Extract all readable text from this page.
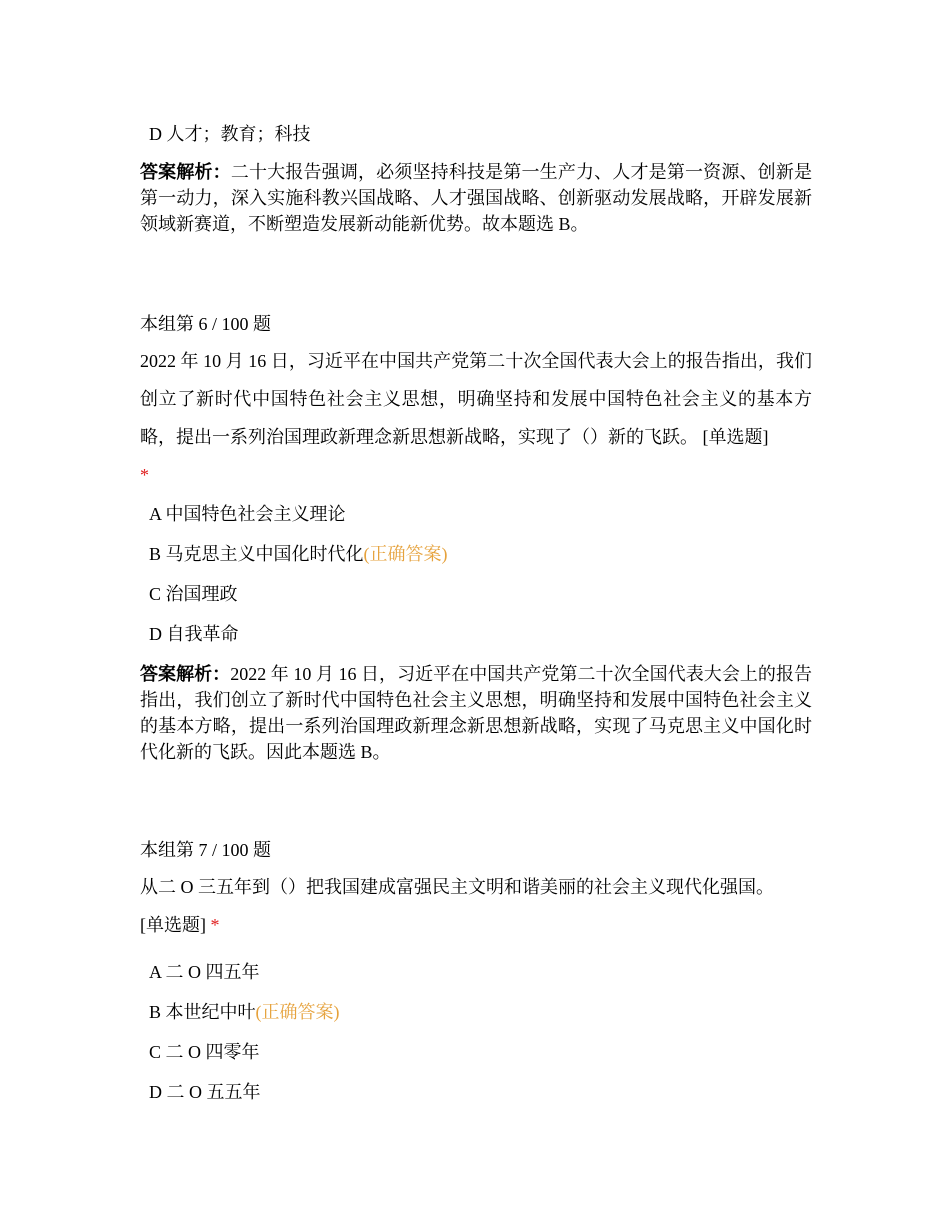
D 人才；教育；科技
答案解析：二十大报告强调，必须坚持科技是第一生产力、人才是第一资源、创新是第一动力，深入实施科教兴国战略、人才强国战略、创新驱动发展战略，开辟发展新领域新赛道，不断塑造发展新动能新优势。故本题选 B。
本组第 6 / 100 题
2022 年 10 月 16 日，习近平在中国共产党第二十次全国代表大会上的报告指出，我们创立了新时代中国特色社会主义思想，明确坚持和发展中国特色社会主义的基本方略，提出一系列治国理政新理念新思想新战略，实现了（）新的飞跃。 [单选题]
*
A 中国特色社会主义理论
B 马克思主义中国化时代化(正确答案)
C 治国理政
D 自我革命
答案解析：2022 年 10 月 16 日，习近平在中国共产党第二十次全国代表大会上的报告指出，我们创立了新时代中国特色社会主义思想，明确坚持和发展中国特色社会主义的基本方略，提出一系列治国理政新理念新思想新战略，实现了马克思主义中国化时代化新的飞跃。因此本题选 B。
本组第 7 / 100 题
从二 O 三五年到（）把我国建成富强民主文明和谐美丽的社会主义现代化强国。
[单选题] *
A 二 O 四五年
B 本世纪中叶(正确答案)
C 二 O 四零年
D 二 O 五五年
